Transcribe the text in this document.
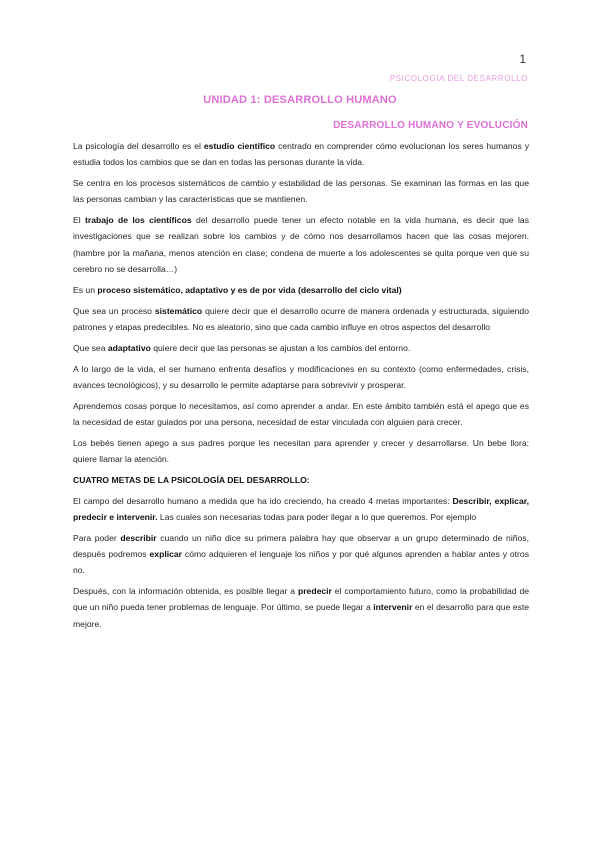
1
PSICOLOGÍA DEL DESARROLLO
UNIDAD 1: DESARROLLO HUMANO
DESARROLLO HUMANO Y EVOLUCIÓN

La psicología del desarrollo es el estudio científico centrado en comprender cómo evolucionan los seres humanos y estudia todos los cambios que se dan en todas las personas durante la vida.

Se centra en los procesos sistemáticos de cambio y estabilidad de las personas. Se examinan las formas en las que las personas cambian y las características que se mantienen.

El trabajo de los científicos del desarrollo puede tener un efecto notable en la vida humana, es decir que las investigaciones que se realizan sobre los cambios y de cómo nos desarrollamos hacen que las cosas mejoren. (hambre por la mañana, menos atención en clase; condena de muerte a los adolescentes se quita porque ven que su cerebro no se desarrolla…)

Es un proceso sistemático, adaptativo y es de por vida (desarrollo del ciclo vital)

Que sea un proceso sistemático quiere decir que el desarrollo ocurre de manera ordenada y estructurada, siguiendo patrones y etapas predecibles. No es aleatorio, sino que cada cambio influye en otros aspectos del desarrollo

Que sea adaptativo quiere decir que las personas se ajustan a los cambios del entorno.

A lo largo de la vida, el ser humano enfrenta desafíos y modificaciones en su contexto (como enfermedades, crisis, avances tecnológicos), y su desarrollo le permite adaptarse para sobrevivir y prosperar.

Aprendemos cosas porque lo necesitamos, así como aprender a andar. En este ámbito también está el apego que es la necesidad de estar guiados por una persona, necesidad de estar vinculada con alguien para crecer.

Los bebés tienen apego a sus padres porque les necesitan para aprender y crecer y desarrollarse. Un bebe llora: quiere llamar la atención.

CUATRO METAS DE LA PSICOLOGÍA DEL DESARROLLO:

El campo del desarrollo humano a medida que ha ido creciendo, ha creado 4 metas importantes: Describir, explicar, predecir e intervenir. Las cuales son necesarias todas para poder llegar a lo que queremos. Por ejemplo

Para poder describir cuando un niño dice su primera palabra hay que observar a un grupo determinado de niños, después podremos explicar cómo adquieren el lenguaje los niños y por qué algunos aprenden a hablar antes y otros no.

Después, con la información obtenida, es posible llegar a predecir el comportamiento futuro, como la probabilidad de que un niño pueda tener problemas de lenguaje. Por último, se puede llegar a intervenir en el desarrollo para que este mejore.
